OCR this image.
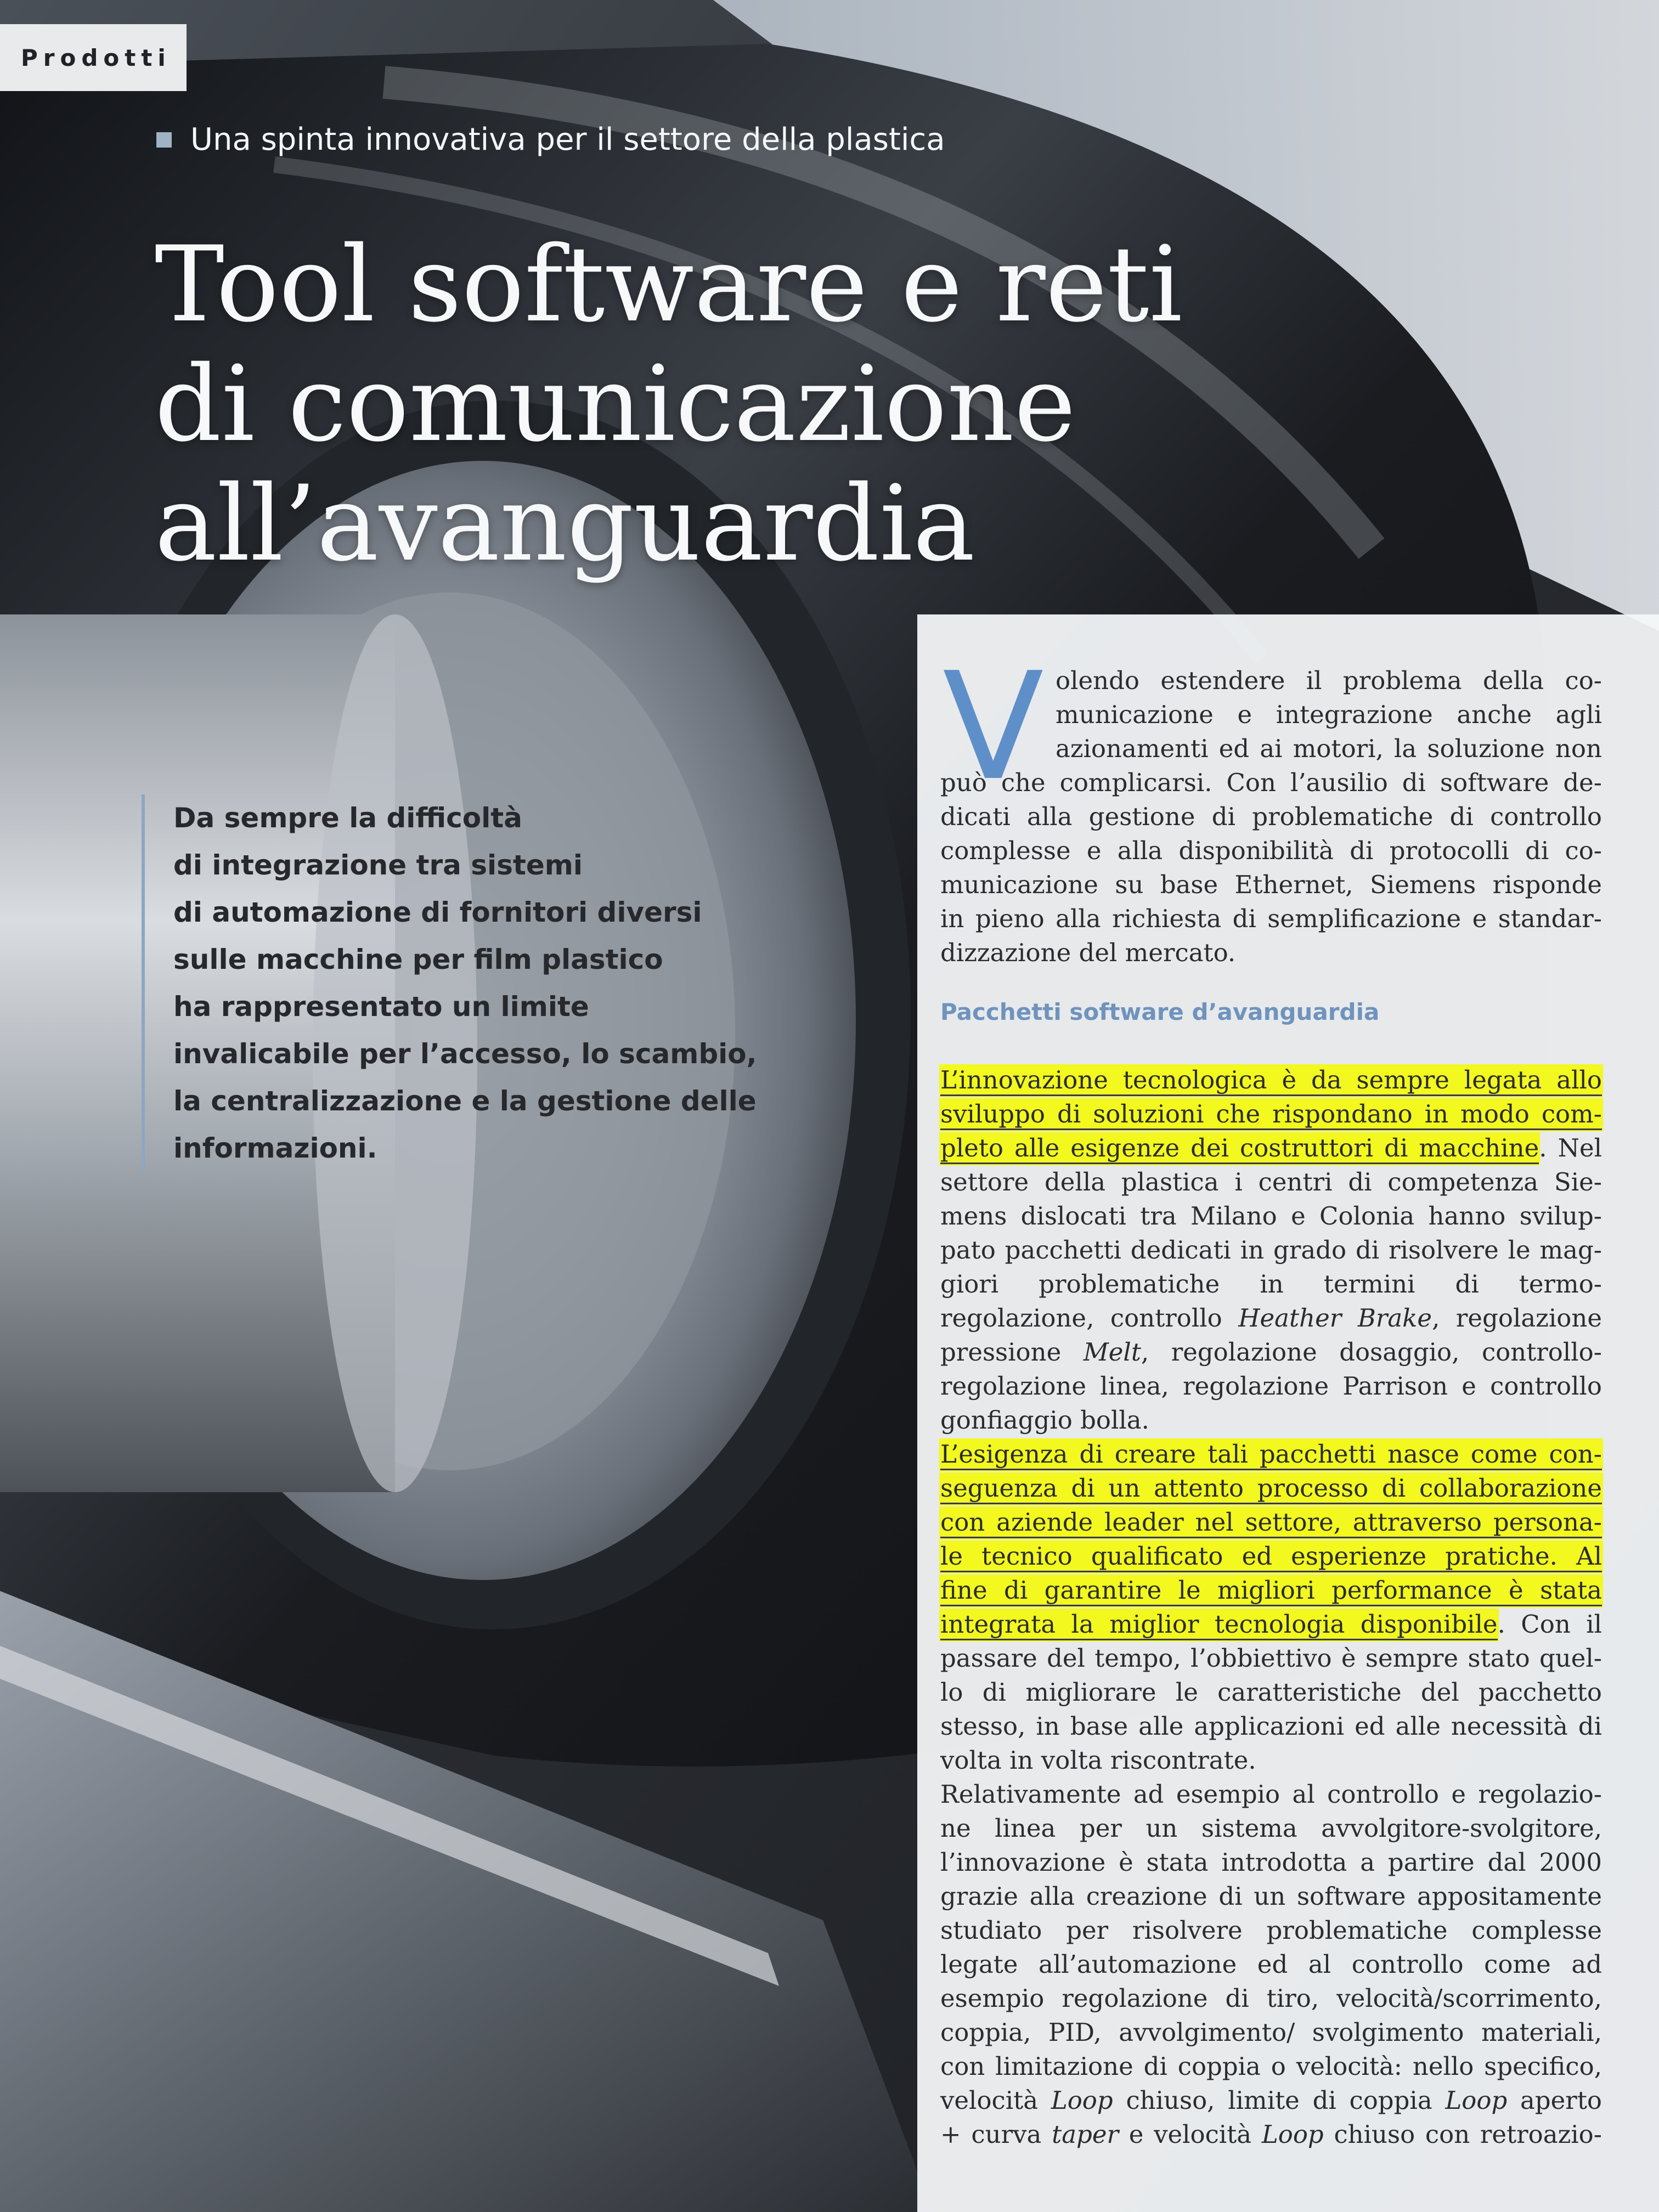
Prodotti
Una spinta innovativa per il settore della plastica
Tool software e reti
di comunicazione
all’avanguardia
Da sempre la difficoltà
di integrazione tra sistemi
di automazione di fornitori diversi
sulle macchine per film plastico
ha rappresentato un limite
invalicabile per l’accesso, lo scambio,
la centralizzazione e la gestione delle
informazioni.
V olendo estendere il problema della co-
municazione e integrazione anche agli
azionamenti ed ai motori, la soluzione non
può che complicarsi. Con l’ausilio di software de-
dicati alla gestione di problematiche di controllo
complesse e alla disponibilità di protocolli di co-
municazione su base Ethernet, Siemens risponde
in pieno alla richiesta di semplificazione e standar-
dizzazione del mercato.
Pacchetti software d’avanguardia
L’innovazione tecnologica è da sempre legata allo
sviluppo di soluzioni che rispondano in modo com-
pleto alle esigenze dei costruttori di macchine. Nel
settore della plastica i centri di competenza Sie-
mens dislocati tra Milano e Colonia hanno svilup-
pato pacchetti dedicati in grado di risolvere le mag-
giori problematiche in termini di termo-
regolazione, controllo Heather Brake, regolazione
pressione Melt, regolazione dosaggio, controllo-
regolazione linea, regolazione Parrison e controllo
gonfiaggio bolla.
L’esigenza di creare tali pacchetti nasce come con-
seguenza di un attento processo di collaborazione
con aziende leader nel settore, attraverso persona-
le tecnico qualificato ed esperienze pratiche. Al
fine di garantire le migliori performance è stata
integrata la miglior tecnologia disponibile. Con il
passare del tempo, l’obbiettivo è sempre stato quel-
lo di migliorare le caratteristiche del pacchetto
stesso, in base alle applicazioni ed alle necessità di
volta in volta riscontrate.
Relativamente ad esempio al controllo e regolazio-
ne linea per un sistema avvolgitore-svolgitore,
l’innovazione è stata introdotta a partire dal 2000
grazie alla creazione di un software appositamente
studiato per risolvere problematiche complesse
legate all’automazione ed al controllo come ad
esempio regolazione di tiro, velocità/scorrimento,
coppia, PID, avvolgimento/ svolgimento materiali,
con limitazione di coppia o velocità: nello specifico,
velocità Loop chiuso, limite di coppia Loop aperto
+ curva taper e velocità Loop chiuso con retroazio-
